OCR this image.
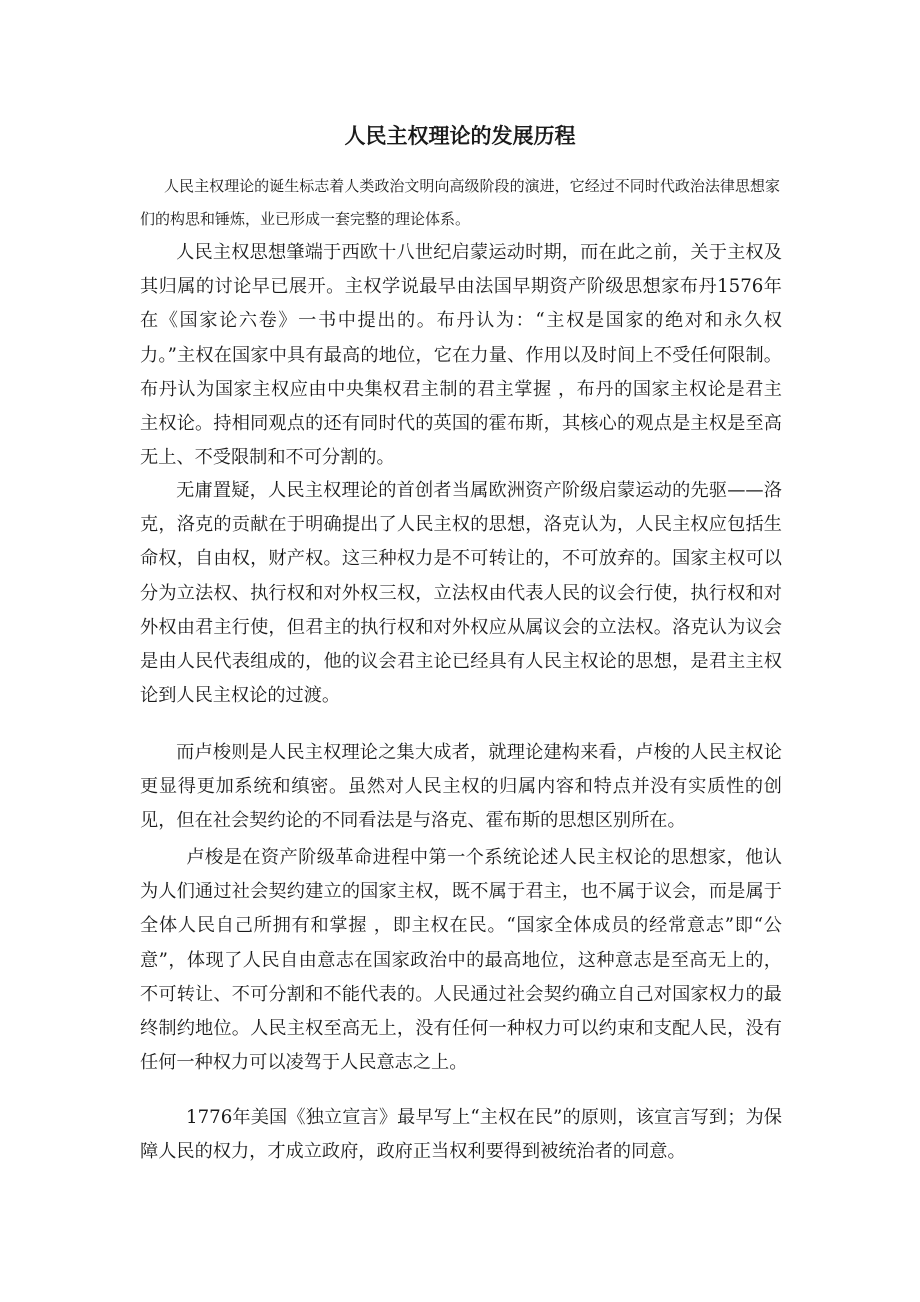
人民主权理论的发展历程

人民主权理论的诞生标志着人类政治文明向高级阶段的演进，它经过不同时代政治法律思想家们的构思和锤炼，业已形成一套完整的理论体系。

人民主权思想肇端于西欧十八世纪启蒙运动时期，而在此之前，关于主权及其归属的讨论早已展开。主权学说最早由法国早期资产阶级思想家布丹1576年在《国家论六卷》一书中提出的。布丹认为：“主权是国家的绝对和永久权力。”主权在国家中具有最高的地位，它在力量、作用以及时间上不受任何限制。布丹认为国家主权应由中央集权君主制的君主掌握 ，布丹的国家主权论是君主主权论。持相同观点的还有同时代的英国的霍布斯，其核心的观点是主权是至高无上、不受限制和不可分割的。

无庸置疑，人民主权理论的首创者当属欧洲资产阶级启蒙运动的先驱——洛克，洛克的贡献在于明确提出了人民主权的思想，洛克认为，人民主权应包括生命权，自由权，财产权。这三种权力是不可转让的，不可放弃的。国家主权可以分为立法权、执行权和对外权三权，立法权由代表人民的议会行使，执行权和对外权由君主行使，但君主的执行权和对外权应从属议会的立法权。洛克认为议会是由人民代表组成的，他的议会君主论已经具有人民主权论的思想，是君主主权论到人民主权论的过渡。

而卢梭则是人民主权理论之集大成者，就理论建构来看，卢梭的人民主权论更显得更加系统和缜密。虽然对人民主权的归属内容和特点并没有实质性的创见，但在社会契约论的不同看法是与洛克、霍布斯的思想区别所在。

卢梭是在资产阶级革命进程中第一个系统论述人民主权论的思想家，他认为人们通过社会契约建立的国家主权，既不属于君主，也不属于议会，而是属于全体人民自己所拥有和掌握 ，即主权在民。“国家全体成员的经常意志”即“公意”，体现了人民自由意志在国家政治中的最高地位，这种意志是至高无上的，不可转让、不可分割和不能代表的。人民通过社会契约确立自己对国家权力的最终制约地位。人民主权至高无上，没有任何一种权力可以约束和支配人民，没有任何一种权力可以凌驾于人民意志之上。

1776年美国《独立宣言》最早写上“主权在民”的原则，该宣言写到；为保障人民的权力，才成立政府，政府正当权利要得到被统治者的同意。
